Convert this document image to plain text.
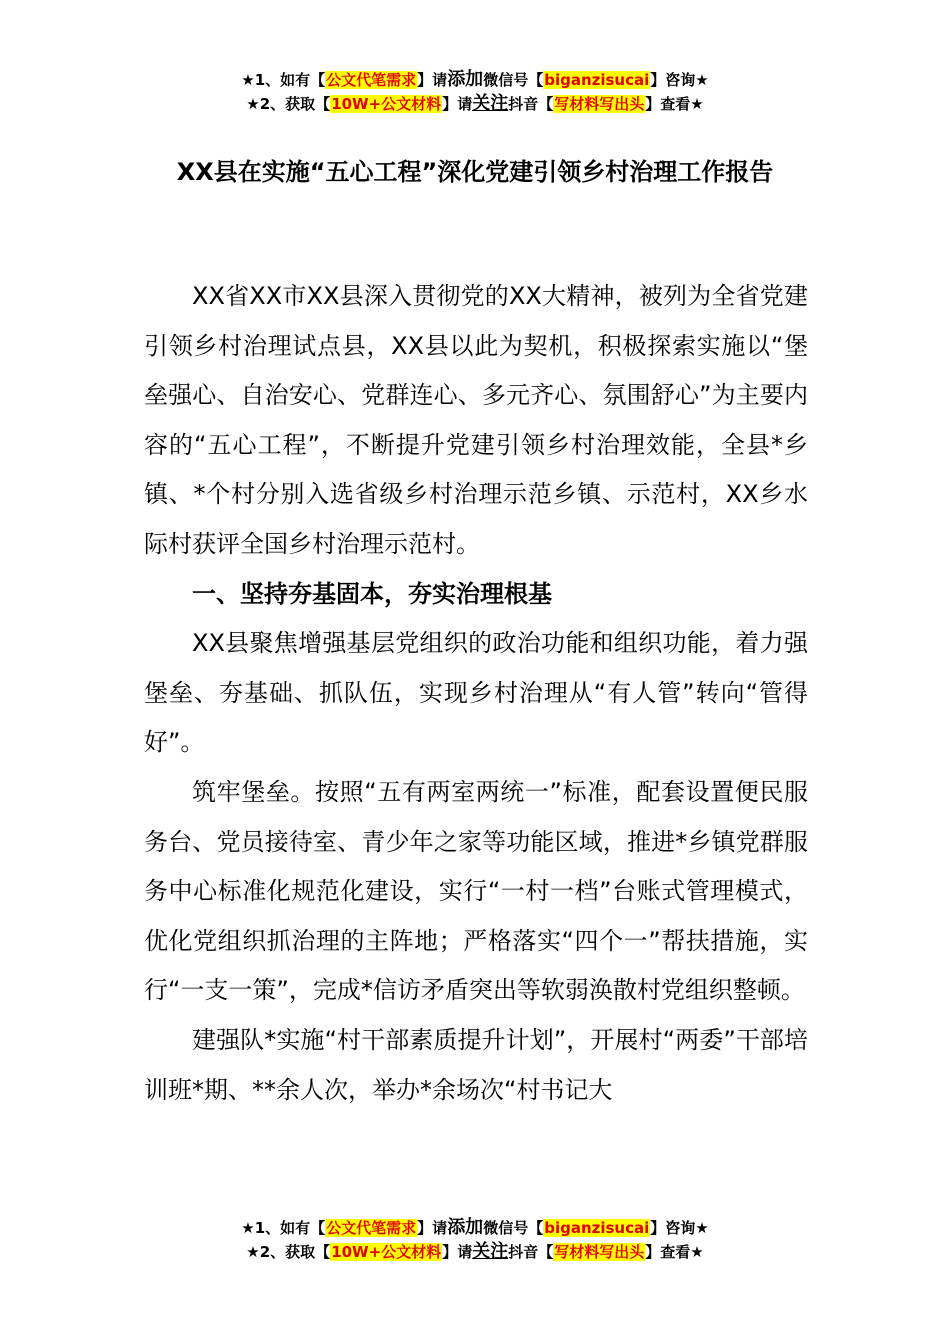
★1、如有【公文代笔需求】请添加微信号【biganzisucai】咨询★
★2、获取【10W+公文材料】请关注抖音【写材料写出头】查看★
XX县在实施“五心工程”深化党建引领乡村治理工作报告

XX省XX市XX县深入贯彻党的XX大精神，被列为全省党建引领乡村治理试点县，XX县以此为契机，积极探索实施以“堡垒强心、自治安心、党群连心、多元齐心、氛围舒心”为主要内容的“五心工程”，不断提升党建引领乡村治理效能，全县*乡镇、*个村分别入选省级乡村治理示范乡镇、示范村，XX乡水际村获评全国乡村治理示范村。

一、坚持夯基固本，夯实治理根基

XX县聚焦增强基层党组织的政治功能和组织功能，着力强堡垒、夯基础、抓队伍，实现乡村治理从“有人管”转向“管得好”。

筑牢堡垒。按照“五有两室两统一”标准，配套设置便民服务台、党员接待室、青少年之家等功能区域，推进*乡镇党群服务中心标准化规范化建设，实行“一村一档”台账式管理模式，优化党组织抓治理的主阵地；严格落实“四个一”帮扶措施，实行“一支一策”，完成*信访矛盾突出等软弱涣散村党组织整顿。

建强队*实施“村干部素质提升计划”，开展村“两委”干部培训班*期、**余人次，举办*余场次“村书记大

★1、如有【公文代笔需求】请添加微信号【biganzisucai】咨询★
★2、获取【10W+公文材料】请关注抖音【写材料写出头】查看★
